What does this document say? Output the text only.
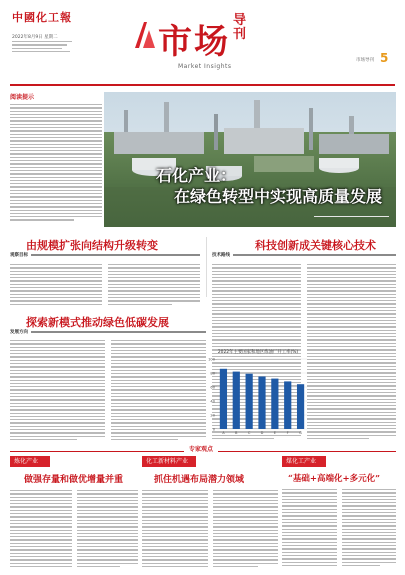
中國化工報
2022年8月9日 星期二	市场
导刊
Market Insights
市场导刊 5
阅读提示
石化产业：
在绿色转型中实现高质量发展
由规模扩张向结构升级转变
观察目标
科技创新成关键核心技术
技术路线
探索新模式推动绿色低碳发展
发展方向
2022年主要国家和地区炼油厂开工率(%)
0
20
40
60
80
100
A	B	C	D	E	F	G
专家观点
炼化产业
做强存量和做优增量并重
化工新材料产业
抓住机遇布局潜力领域
煤化工产业
“基础+高端化+多元化”
